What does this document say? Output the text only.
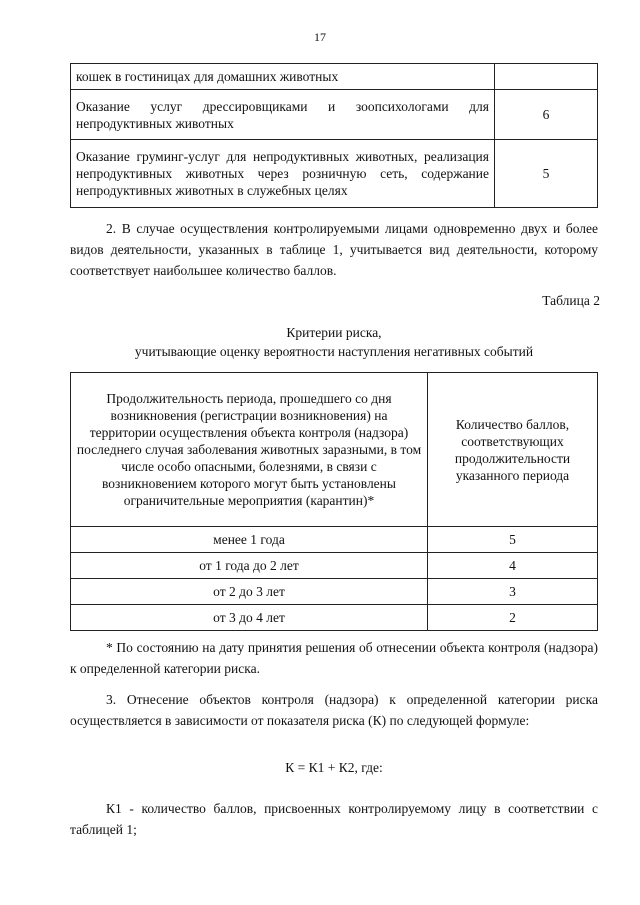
17
кошек в гостиницах для домашних животных	
Оказание услуг дрессировщиками и зоопсихологами для непродуктивных животных	6
Оказание груминг-услуг для непродуктивных животных, реализация непродуктивных животных через розничную сеть, содержание непродуктивных животных в служебных целях	5
2. В случае осуществления контролируемыми лицами одновременно двух и более видов деятельности, указанных в таблице 1, учитывается вид деятельности, которому соответствует наибольшее количество баллов.
Таблица 2
Критерии риска,
учитывающие оценку вероятности наступления негативных событий
Продолжительность периода, прошедшего со дня возникновения (регистрации возникновения) на территории осуществления объекта контроля (надзора) последнего случая заболевания животных заразными, в том числе особо опасными, болезнями, в связи с возникновением которого могут быть установлены ограничительные мероприятия (карантин)*	Количество баллов, соответствующих продолжительности указанного периода
менее 1 года	5
от 1 года до 2 лет	4
от 2 до 3 лет	3
от 3 до 4 лет	2
* По состоянию на дату принятия решения об отнесении объекта контроля (надзора) к определенной категории риска.
3. Отнесение объектов контроля (надзора) к определенной категории риска осуществляется в зависимости от показателя риска (К) по следующей формуле:
К = К1 + К2, где:
К1 - количество баллов, присвоенных контролируемому лицу в соответствии с таблицей 1;
